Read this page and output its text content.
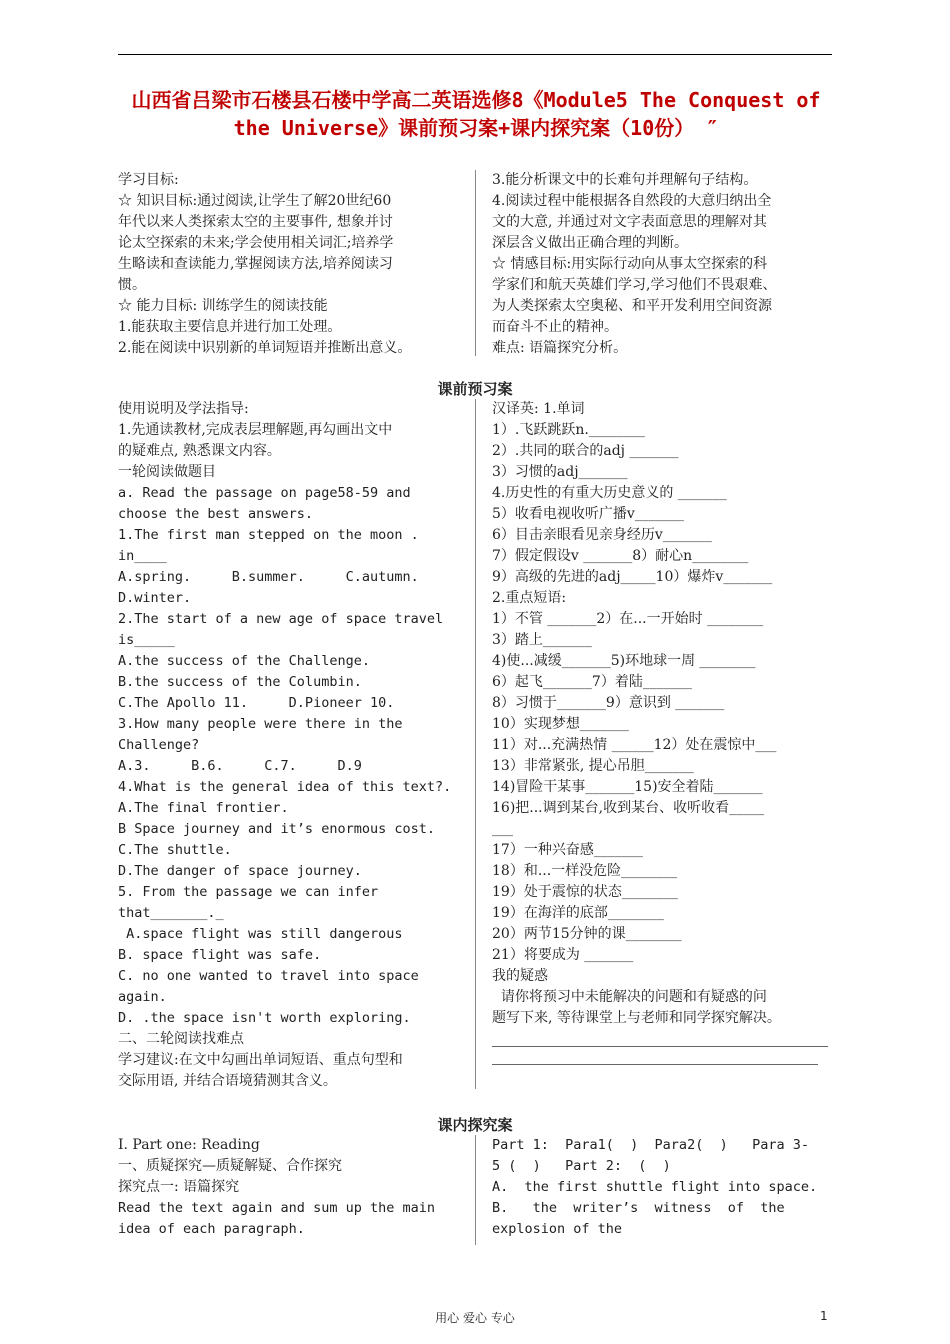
山西省吕梁市石楼县石楼中学高二英语选修8《Module5 The Conquest of
the Universe》课前预习案+课内探究案（10份） ″
学习目标:
☆ 知识目标:通过阅读,让学生了解20世纪60
年代以来人类探索太空的主要事件, 想象并讨
论太空探索的未来;学会使用相关词汇;培养学
生略读和查读能力,掌握阅读方法,培养阅读习
惯。
☆ 能力目标: 训练学生的阅读技能
1.能获取主要信息并进行加工处理。
2.能在阅读中识别新的单词短语并推断出意义。
3.能分析课文中的长难句并理解句子结构。
4.阅读过程中能根据各自然段的大意归纳出全
文的大意, 并通过对文字表面意思的理解对其
深层含义做出正确合理的判断。
☆ 情感目标:用实际行动向从事太空探索的科
学家们和航天英雄们学习,学习他们不畏艰难、
为人类探索太空奥秘、和平开发利用空间资源
而奋斗不止的精神。
难点: 语篇探究分析。
课前预习案
使用说明及学法指导:
1.先通读教材,完成表层理解题,再勾画出文中
的疑难点, 熟悉课文内容。
一轮阅读做题目
a. Read the passage on page58-59 and
choose the best answers.
1.The first man stepped on the moon .
in____
A.spring.     B.summer.     C.autumn.
D.winter.
2.The start of a new age of space travel
is_____
A.the success of the Challenge.
B.the success of the Columbin.
C.The Apollo 11.     D.Pioneer 10.
3.How many people were there in the
Challenge?
A.3.     B.6.     C.7.     D.9
4.What is the general idea of this text?.
A.The final frontier.
B Space journey and it’s enormous cost.
C.The shuttle.
D.The danger of space journey.
5. From the passage we can infer
that_______._
A.space flight was still dangerous
B. space flight was safe.
C. no one wanted to travel into space
again.
D. .the space isn't worth exploring.
二、二轮阅读找难点
学习建议:在文中勾画出单词短语、重点句型和
交际用语, 并结合语境猜测其含义。
汉译英: 1.单词
1）.飞跃跳跃n.________
2）.共同的联合的adj _______
3）习惯的adj_______
4.历史性的有重大历史意义的 _______
5）收看电视收听广播v_______
6）目击亲眼看见亲身经历v_______
7）假定假设v _______8）耐心n________
9）高级的先进的adj_____10）爆炸v_______
2.重点短语:
1）不管 _______2）在...一开始时 ________
3）踏上_______
4)使...减缓_______5)环地球一周 ________
6）起飞_______7）着陆_______
8）习惯于_______9）意识到 _______
10）实现梦想_______
11）对...充满热情 ______12）处在震惊中___
13）非常紧张, 提心吊胆_______
14)冒险干某事_______15)安全着陆_______
16)把...调到某台,收到某台、收听收看_____
___
17）一种兴奋感_______
18）和...一样没危险________
19）处于震惊的状态________
19）在海洋的底部________
20）两节15分钟的课________
21）将要成为 _______
我的疑惑
请你将预习中未能解决的问题和有疑惑的问
题写下来, 等待课堂上与老师和同学探究解决。
课内探究案
Ⅰ. Part one: Reading
一、质疑探究—质疑解疑、合作探究
探究点一: 语篇探究
Read the text again and sum up the main
idea of each paragraph.
Part 1:  Para1(  )  Para2(  )   Para 3-
5 (  )   Part 2:  (  )
A.  the first shuttle flight into space.
B.   the  writer’s  witness  of  the
explosion of the
用心 爱心 专心	1
